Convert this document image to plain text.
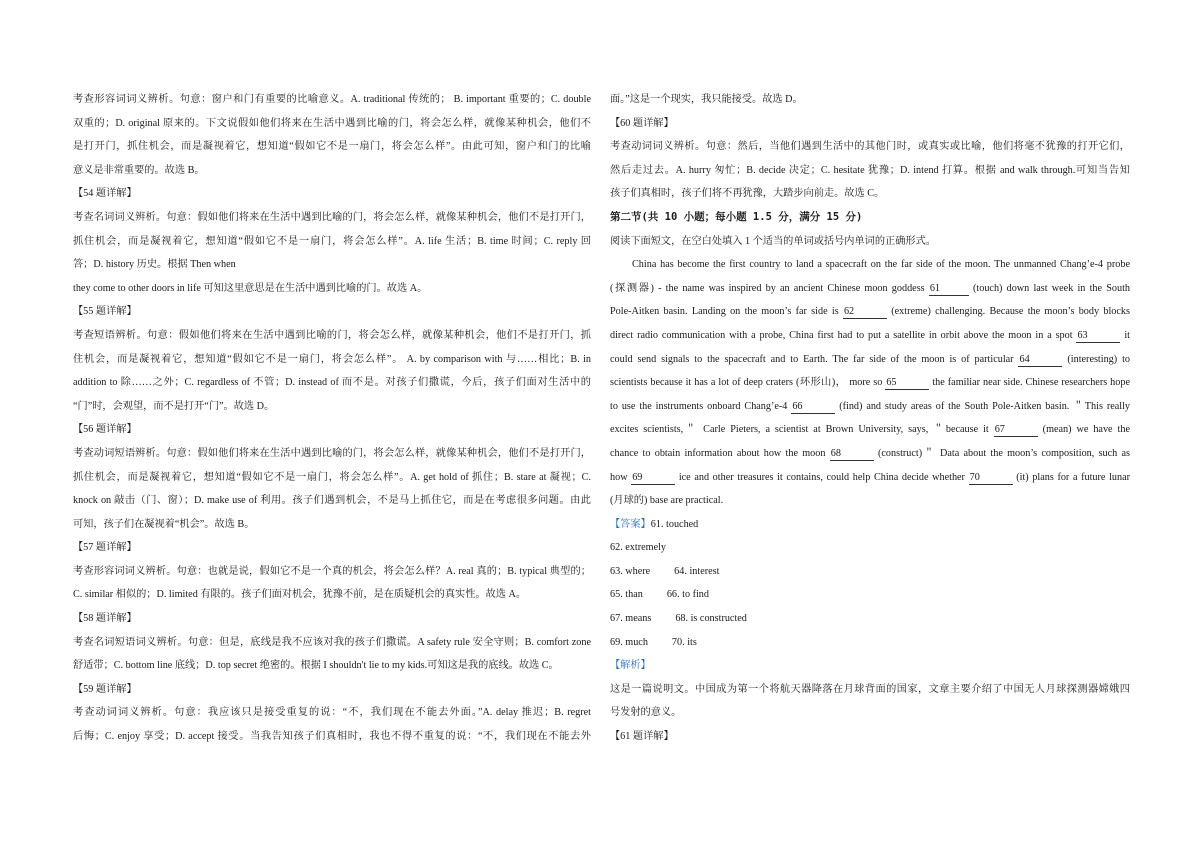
考查形容词词义辨析。句意：窗户和门有重要的比喻意义。A. traditional 传统的； B. important 重要的；C. double
双重的；D. original 原来的。下文说假如他们将来在生活中遇到比喻的门，将会怎么样，就像某种机会，他们不
是打开门，抓住机会，而是凝视着它，想知道“假如它不是一扇门，将会怎么样”。由此可知，窗户和门的比喻
意义是非常重要的。故选 B。
【54 题详解】
考查名词词义辨析。句意：假如他们将来在生活中遇到比喻的门，将会怎么样，就像某种机会，他们不是打开门，
抓住机会，而是凝视着它，想知道“假如它不是一扇门，将会怎么样”。A. life 生活；B. time 时间；C. reply 回
答；D. history 历史。根据 Then when
they come to other doors in life 可知这里意思是在生活中遇到比喻的门。故选 A。
【55 题详解】
考查短语辨析。句意：假如他们将来在生活中遇到比喻的门，将会怎么样，就像某种机会，他们不是打开门，抓
住机会，而是凝视着它，想知道“假如它不是一扇门，将会怎么样”。 A. by comparison with 与……相比；B. in
addition to 除……之外；C. regardless of 不管；D. instead of 而不是。对孩子们撒谎，今后，孩子们面对生活中的
“门”时，会观望，而不是打开“门”。故选 D。
【56 题详解】
考查动词短语辨析。句意：假如他们将来在生活中遇到比喻的门，将会怎么样，就像某种机会，他们不是打开门，
抓住机会，而是凝视着它，想知道“假如它不是一扇门，将会怎么样”。A. get hold of 抓住；B. stare at 凝视；C.
knock on 敲击（门、窗）；D. make use of 利用。孩子们遇到机会，不是马上抓住它，而是在考虑很多问题。由此
可知，孩子们在凝视着“机会”。故选 B。
【57 题详解】
考查形容词词义辨析。句意：也就是说，假如它不是一个真的机会，将会怎么样？A. real 真的；B. typical 典型的；
C. similar 相似的；D. limited 有限的。孩子们面对机会，犹豫不前，是在质疑机会的真实性。故选 A。
【58 题详解】
考查名词短语词义辨析。句意：但是，底线是我不应该对我的孩子们撒谎。A safety rule 安全守则；B. comfort zone
舒适带；C. bottom line 底线；D. top secret 绝密的。根据 I shouldn't lie to my kids.可知这是我的底线。故选 C。
【59 题详解】
考查动词词义辨析。句意：我应该只是接受重复的说：“不，我们现在不能去外面。”A. delay 推迟；B. regret
后悔；C. enjoy 享受；D. accept 接受。当我告知孩子们真相时，我也不得不重复的说：“不，我们现在不能去外
面。”这是一个现实，我只能接受。故选 D。
【60 题详解】
考查动词词义辨析。句意：然后，当他们遇到生活中的其他门时，或真实或比喻，他们将毫不犹豫的打开它们，
然后走过去。A. hurry 匆忙；B. decide 决定；C. hesitate 犹豫；D. intend 打算。根据 and walk through.可知当告知
孩子们真相时，孩子们将不再犹豫，大踏步向前走。故选 C。
第二节(共 10 小题；每小题 1.5 分，满分 15 分)
阅读下面短文，在空白处填入 1 个适当的单词或括号内单词的正确形式。
China has become the first country to land a spacecraft on the far side of the moon. The unmanned Chang’e-4 probe
(探测器) - the name was inspired by an ancient Chinese moon goddess 61	(touch) down last week in the South
Pole-Aitken basin. Landing on the moon’s far side is 62	(extreme) challenging. Because the moon’s body blocks
direct radio communication with a probe, China first had to put a satellite in orbit above the moon in a spot 63	it
could send signals to the spacecraft and to Earth. The far side of the moon is of particular 64	(interesting) to
scientists because it has a lot of deep craters (环形山)， more so 65	the familiar near side. Chinese researchers hope
to use the instruments onboard Chang’e-4 66	(find) and study areas of the South Pole-Aitken basin. ＂This really
excites scientists,＂ Carle Pieters, a scientist at Brown University, says, ＂because it 67	(mean) we have the
chance to obtain information about how the moon 68	(construct)＂ Data about the moon’s composition, such as
how 69	ice and other treasures it contains, could help China decide whether 70	(it) plans for a future lunar
(月球的) base are practical.
【答案】61. touched
62. extremely
63. where 64. interest
65. than 66. to find
67. means 68. is constructed
69. much 70. its
【解析】
这是一篇说明文。中国成为第一个将航天器降落在月球背面的国家，文章主要介绍了中国无人月球探测器嫦娥四
号发射的意义。
【61 题详解】
